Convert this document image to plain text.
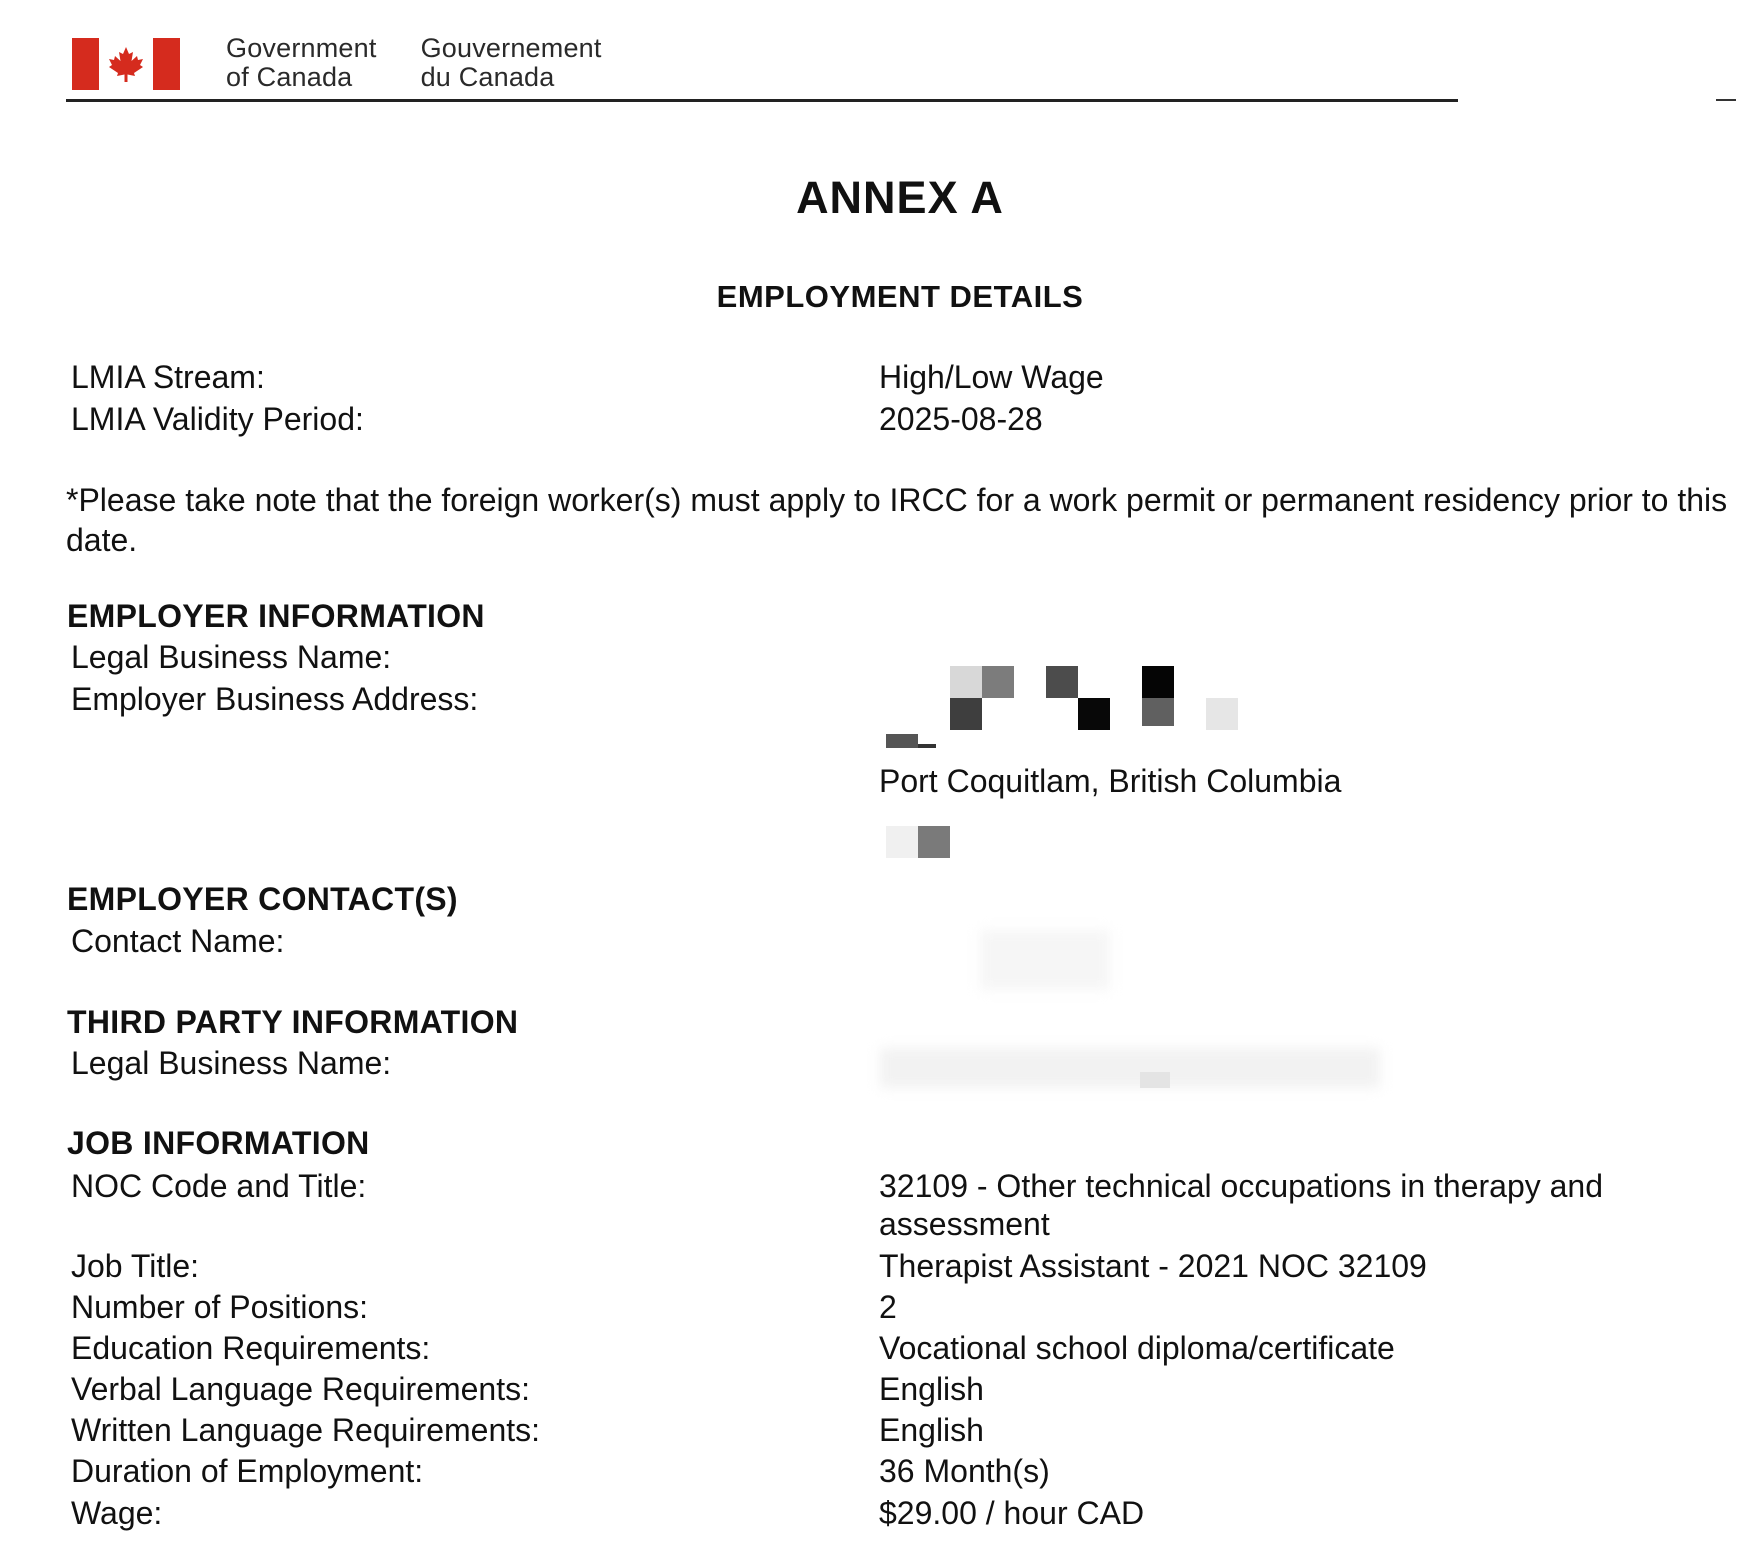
Government
of Canada
Gouvernement
du Canada
ANNEX A
EMPLOYMENT DETAILS
LMIA Stream:	High/Low Wage
LMIA Validity Period:	2025-08-28
*Please take note that the foreign worker(s) must apply to IRCC for a work permit or permanent residency prior to this date.
EMPLOYER INFORMATION
Legal Business Name:
Employer Business Address:
Port Coquitlam, British Columbia
EMPLOYER CONTACT(S)
Contact Name:
THIRD PARTY INFORMATION
Legal Business Name:
JOB INFORMATION
NOC Code and Title:	32109 - Other technical occupations in therapy and assessment
Job Title:	Therapist Assistant - 2021 NOC 32109
Number of Positions:	2
Education Requirements:	Vocational school diploma/certificate
Verbal Language Requirements:	English
Written Language Requirements:	English
Duration of Employment:	36 Month(s)
Wage:	$29.00 / hour CAD
